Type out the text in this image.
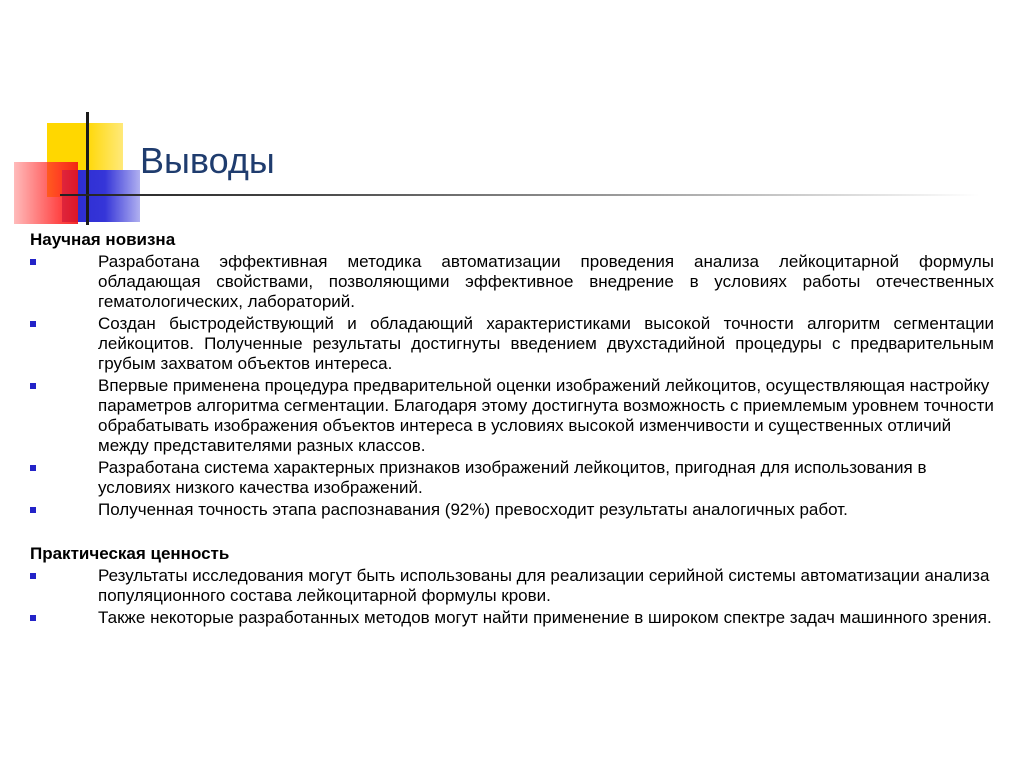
Выводы
Научная новизна
Разработана эффективная методика автоматизации проведения анализа лейкоцитарной формулы обладающая свойствами, позволяющими эффективное внедрение в условиях работы отечественных гематологических, лабораторий.
Создан быстродействующий и обладающий характеристиками высокой точности алгоритм сегментации лейкоцитов. Полученные результаты достигнуты введением двухстадийной процедуры с предварительным грубым захватом объектов интереса.
Впервые применена процедура предварительной оценки изображений лейкоцитов, осуществляющая настройку параметров алгоритма сегментации. Благодаря этому достигнута возможность с приемлемым уровнем точности обрабатывать изображения объектов интереса в условиях высокой изменчивости и существенных отличий между представителями разных классов.
Разработана система характерных признаков изображений лейкоцитов, пригодная для использования в условиях низкого качества изображений.
Полученная точность этапа распознавания (92%) превосходит результаты аналогичных работ.
Практическая ценность
Результаты исследования могут быть использованы для реализации серийной системы автоматизации анализа популяционного состава лейкоцитарной формулы крови.
Также некоторые разработанных методов могут найти применение в широком спектре задач машинного зрения.
